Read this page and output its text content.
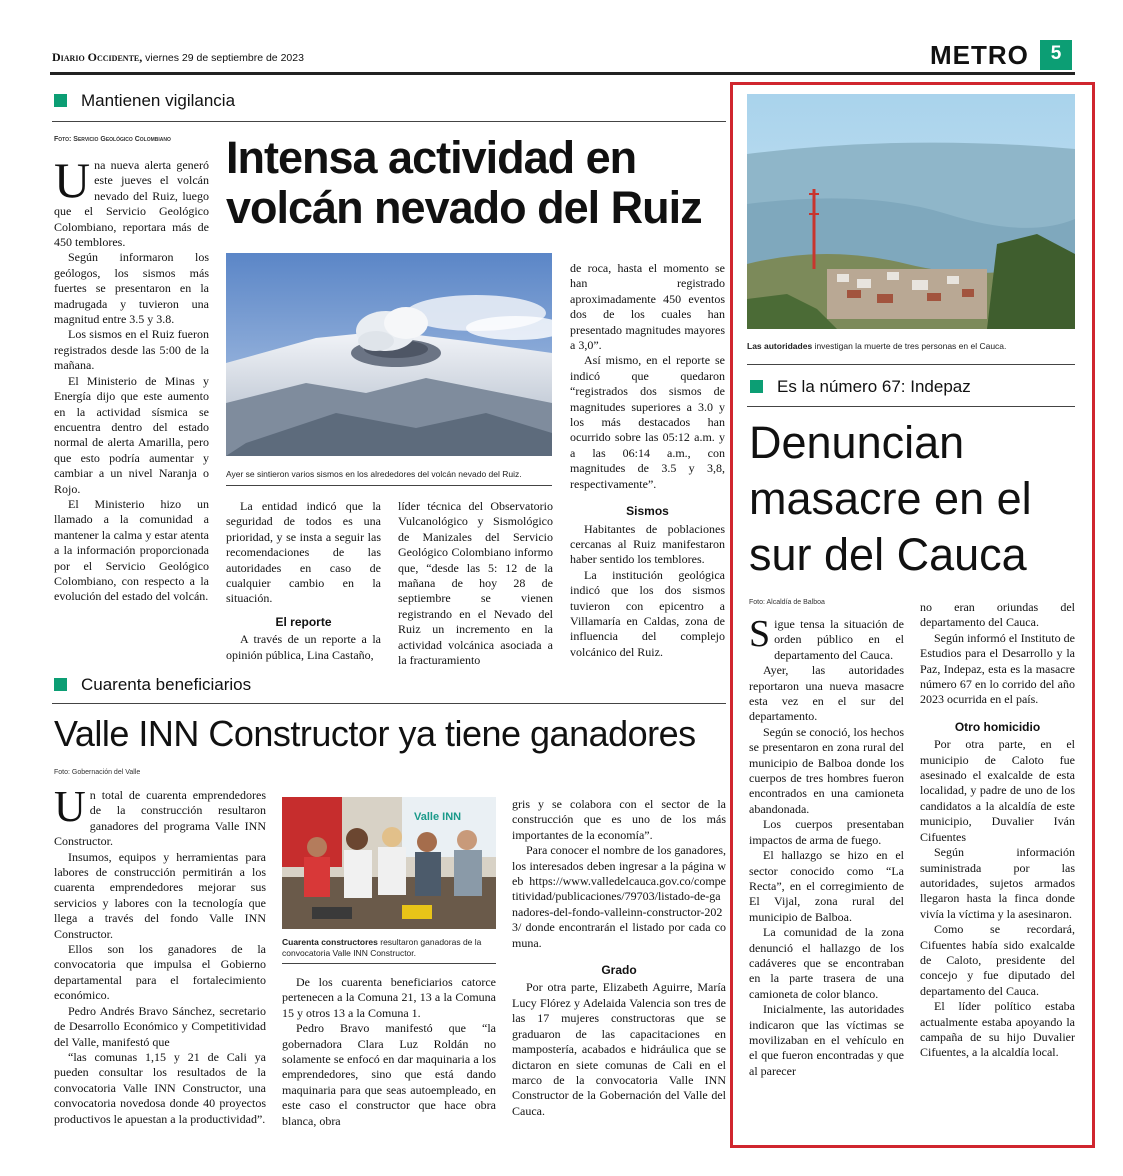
Diario Occidente, viernes 29 de septiembre de 2023	METRO	5
Mantienen vigilancia
Foto: Servicio Geológico Colombiano Intensa actividad en volcán nevado del Ruiz

Una nueva alerta generó este jueves el volcán nevado del Ruiz, luego que el Servicio Geológico Colombiano, reportara más de 450 temblores.

Según informaron los geólogos, los sismos más fuertes se presentaron en la madrugada y tuvieron una magnitud entre 3.5 y 3.8.

Los sismos en el Ruiz fueron registrados desde las 5:00 de la mañana.

El Ministerio de Minas y Energía dijo que este aumento en la actividad sísmica se encuentra dentro del estado normal de alerta Amarilla, pero que esto podría aumentar y cambiar a un nivel Naranja o Rojo.

El Ministerio hizo un llamado a la comunidad a mantener la calma y estar atenta a la información proporcionada por el Servicio Geológico Colombiano, con respecto a la evolución del estado del volcán.

Ayer se sintieron varios sismos en los alrededores del volcán nevado del Ruiz.

La entidad indicó que la seguridad de todos es una prioridad, y se insta a seguir las recomendaciones de las autoridades en caso de cualquier cambio en la situación.

El reporte

A través de un reporte a la opinión pública, Lina Castaño,

líder técnica del Observatorio Vulcanológico y Sismológico de Manizales del Servicio Geológico Colombiano informo que, “desde las 5: 12 de la mañana de hoy 28 de septiembre se vienen registrando en el Nevado del Ruiz un incremento en la actividad volcánica asociada a la fracturamiento

de roca, hasta el momento se han registrado aproximadamente 450 eventos dos de los cuales han presentado magnitudes mayores a 3,0”.

Así mismo, en el reporte se indicó que quedaron “registrados dos sismos de magnitudes superiores a 3.0 y los más destacados han ocurrido sobre las 05:12 a.m. y a las 06:14 a.m., con magnitudes de 3.5 y 3,8, respectivamente”.

Sismos

Habitantes de poblaciones cercanas al Ruiz manifestaron haber sentido los temblores.

La institución geológica indicó que los dos sismos tuvieron con epicentro a Villamaría en Caldas, zona de influencia del complejo volcánico del Ruiz.

Cuarenta beneficiarios
Valle INN Constructor ya tiene ganadores
Foto: Gobernación del Valle

Un total de cuarenta emprendedores de la construcción resultaron ganadores del programa Valle INN Constructor.

Insumos, equipos y herramientas para labores de construcción permitirán a los cuarenta emprendedores mejorar sus servicios y labores con la tecnología que llega a través del fondo Valle INN Constructor.

Ellos son los ganadores de la convocatoria que impulsa el Gobierno departamental para el fortalecimiento económico.

Pedro Andrés Bravo Sánchez, secretario de Desarrollo Económico y Competitividad del Valle, manifestó que

“las comunas 1,15 y 21 de Cali ya pueden consultar los resultados de la convocatoria Valle INN Constructor, una convocatoria novedosa donde 40 proyectos productivos le apuestan a la productividad”.

Valle INN
Cuarenta constructores resultaron ganadoras de la convocatoria Valle INN Constructor.

De los cuarenta beneficiarios catorce pertenecen a la Comuna 21, 13 a la Comuna 15 y otros 13 a la Comuna 1.

Pedro Bravo manifestó que “la gobernadora Clara Luz Roldán no solamente se enfocó en dar maquinaria a los emprendedores, sino que está dando maquinaria para que seas autoempleado, en este caso el constructor que hace obra blanca, obra

gris y se colabora con el sector de la construcción que es uno de los más importantes de la economía”.

Para conocer el nombre de los ganadores, los interesados deben ingresar a la página web https://www.valledelcauca.gov.co/competitividad/publicaciones/79703/listado-de-ganadores-del-fondo-valleinn-constructor-2023/ donde encontrarán el listado por cada comuna.

Grado

Por otra parte, Elizabeth Aguirre, María Lucy Flórez y Adelaida Valencia son tres de las 17 mujeres constructoras que se graduaron de las capacitaciones en mampostería, acabados e hidráulica que se dictaron en siete comunas de Cali en el marco de la convocatoria Valle INN Constructor de la Gobernación del Valle del Cauca.

Las autoridades investigan la muerte de tres personas en el Cauca.
Es la número 67: Indepaz
Denuncian masacre en el sur del Cauca
Foto: Alcaldía de Balboa

Sigue tensa la situación de orden público en el departamento del Cauca.

Ayer, las autoridades reportaron una nueva masacre esta vez en el sur del departamento.

Según se conoció, los hechos se presentaron en zona rural del municipio de Balboa donde los cuerpos de tres hombres fueron encontrados en una camioneta abandonada.

Los cuerpos presentaban impactos de arma de fuego.

El hallazgo se hizo en el sector conocido como “La Recta”, en el corregimiento de El Vijal, zona rural del municipio de Balboa.

La comunidad de la zona denunció el hallazgo de los cadáveres que se encontraban en la parte trasera de una camioneta de color blanco.

Inicialmente, las autoridades indicaron que las víctimas se movilizaban en el vehículo en el que fueron encontradas y que al parecer

no eran oriundas del departamento del Cauca.

Según informó el Instituto de Estudios para el Desarrollo y la Paz, Indepaz, esta es la masacre número 67 en lo corrido del año 2023 ocurrida en el país.

Otro homicidio

Por otra parte, en el municipio de Caloto fue asesinado el exalcalde de esta localidad, y padre de uno de los candidatos a la alcaldía de este municipio, Duvalier Iván Cifuentes

Según información suministrada por las autoridades, sujetos armados llegaron hasta la finca donde vivía la víctima y la asesinaron.

Como se recordará, Cifuentes había sido exalcalde de Caloto, presidente del concejo y fue diputado del departamento del Cauca.

El líder político estaba actualmente estaba apoyando la campaña de su hijo Duvalier Cifuentes, a la alcaldía local.
